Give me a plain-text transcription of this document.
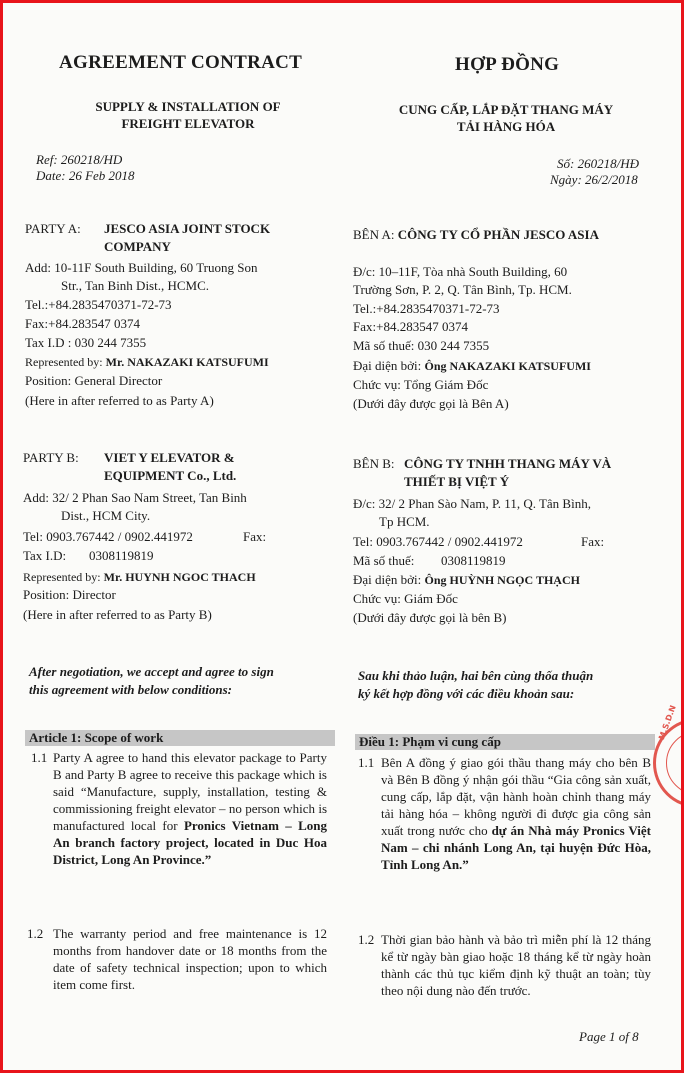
AGREEMENT CONTRACT
SUPPLY & INSTALLATION OF
FREIGHT ELEVATOR
Ref: 260218/HD
Date: 26 Feb 2018
HỢP ĐỒNG
CUNG CẤP, LẮP ĐẶT THANG MÁY
TẢI HÀNG HÓA
Số: 260218/HĐ
Ngày: 26/2/2018
PARTY A: JESCO ASIA JOINT STOCK
COMPANY
Add: 10-11F South Building, 60 Truong Son
Str., Tan Binh Dist., HCMC.
Tel.:+84.2835470371-72-73
Fax:+84.283547 0374
Tax I.D : 030 244 7355
Represented by: Mr. NAKAZAKI KATSUFUMI
Position: General Director
(Here in after referred to as Party A)
BÊN A: CÔNG TY CỔ PHẦN JESCO ASIA
Đ/c: 10–11F, Tòa nhà South Building, 60
Trường Sơn, P. 2, Q. Tân Bình, Tp. HCM.
Tel.:+84.2835470371-72-73
Fax:+84.283547 0374
Mã số thuế: 030 244 7355
Đại diện bởi: Ông NAKAZAKI KATSUFUMI
Chức vụ: Tổng Giám Đốc
(Dưới đây được gọi là Bên A)
PARTY B: VIET Y ELEVATOR &
EQUIPMENT Co., Ltd.
Add: 32/ 2 Phan Sao Nam Street, Tan Binh
Dist., HCM City.
Tel: 0903.767442 / 0902.441972	Fax:
Tax I.D: 0308119819
Represented by: Mr. HUYNH NGOC THACH
Position: Director
(Here in after referred to as Party B)
BÊN B: CÔNG TY TNHH THANG MÁY VÀ
THIẾT BỊ VIỆT Ý
Đ/c: 32/ 2 Phan Sào Nam, P. 11, Q. Tân Bình,
Tp HCM.
Tel: 0903.767442 / 0902.441972	Fax:
Mã số thuế: 0308119819
Đại diện bởi: Ông HUỲNH NGỌC THẠCH
Chức vụ: Giám Đốc
(Dưới đây được gọi là bên B)
After negotiation, we accept and agree to sign
this agreement with below conditions:
Sau khi thảo luận, hai bên cùng thốa thuận
ký kết hợp đồng với các điều khoản sau:
Article 1: Scope of work	Điều 1: Phạm vi cung cấp
1.1 Party A agree to hand this elevator package to Party B and Party B agree to receive this package which is said “Manufacture, supply, installation, testing & commissioning freight elevator – no person which is manufactured local for Pronics Vietnam – Long An branch factory project, located in Duc Hoa District, Long An Province.”
1.1 Bên A đồng ý giao gói thầu thang máy cho bên B và Bên B đồng ý nhận gói thầu “Gia công sản xuất, cung cấp, lắp đặt, vận hành hoàn chỉnh thang máy tải hàng hóa – không người đi được gia công sản xuất trong nước cho dự án Nhà máy Pronics Việt Nam – chi nhánh Long An, tại huyện Đức Hòa, Tỉnh Long An.”
1.2 The warranty period and free maintenance is 12 months from handover date or 18 months from the date of safety technical inspection; upon to which item come first.
1.2 Thời gian bảo hành và bảo trì miễn phí là 12 tháng kể từ ngày bàn giao hoặc 18 tháng kể từ ngày hoàn thành các thủ tục kiểm định kỹ thuật an toàn; tùy theo nội dung nào đến trước.
M.S.D.N
Page 1 of 8
